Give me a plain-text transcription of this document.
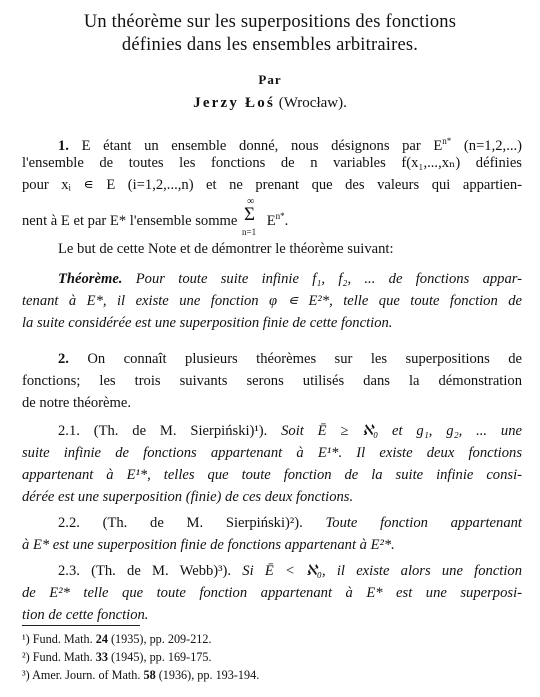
Un théorème sur les superpositions des fonctions
définies dans les ensembles arbitraires.
Par
Jerzy Łoś (Wrocław).
1. E étant un ensemble donné, nous désignons par $E^{n*}$ (n=1,2,...)
l'ensemble de toutes les fonctions de n variables f(x₁,...,xₙ) définies
pour xᵢ ∊ E (i=1,2,...,n) et ne prenant que des valeurs qui appartien-
nent à E et par E* l'ensemble somme
∞
Σ
n=1
$E^{n*}$.
Le but de cette Note et de démontrer le théorème suivant:
Théorème. Pour toute suite infinie f₁, f₂, ... de fonctions appar-
tenant à E*, il existe une fonction φ ∊ E²*, telle que toute fonction de
la suite considérée est une superposition finie de cette fonction.
2. On connaît plusieurs théorèmes sur les superpositions de
fonctions; les trois suivants serons utilisés dans la démonstration
de notre théorème.
2.1. (Th. de M. Sierpiński)¹). Soit Ē ≥ ℵ₀ et g₁, g₂, ... une
suite infinie de fonctions appartenant à E¹*. Il existe deux fonctions
appartenant à E¹*, telles que toute fonction de la suite infinie consi-
dérée est une superposition (finie) de ces deux fonctions.
2.2. (Th. de M. Sierpiński)²). Toute fonction appartenant
à E* est une superposition finie de fonctions appartenant à E²*.
2.3. (Th. de M. Webb)³). Si Ē < ℵ₀, il existe alors une fonction
de E²* telle que toute fonction appartenant à E* est une superposi-
tion de cette fonction.
¹) Fund. Math. 24 (1935), pp. 209-212.
²) Fund. Math. 33 (1945), pp. 169-175.
³) Amer. Journ. of Math. 58 (1936), pp. 193-194.
